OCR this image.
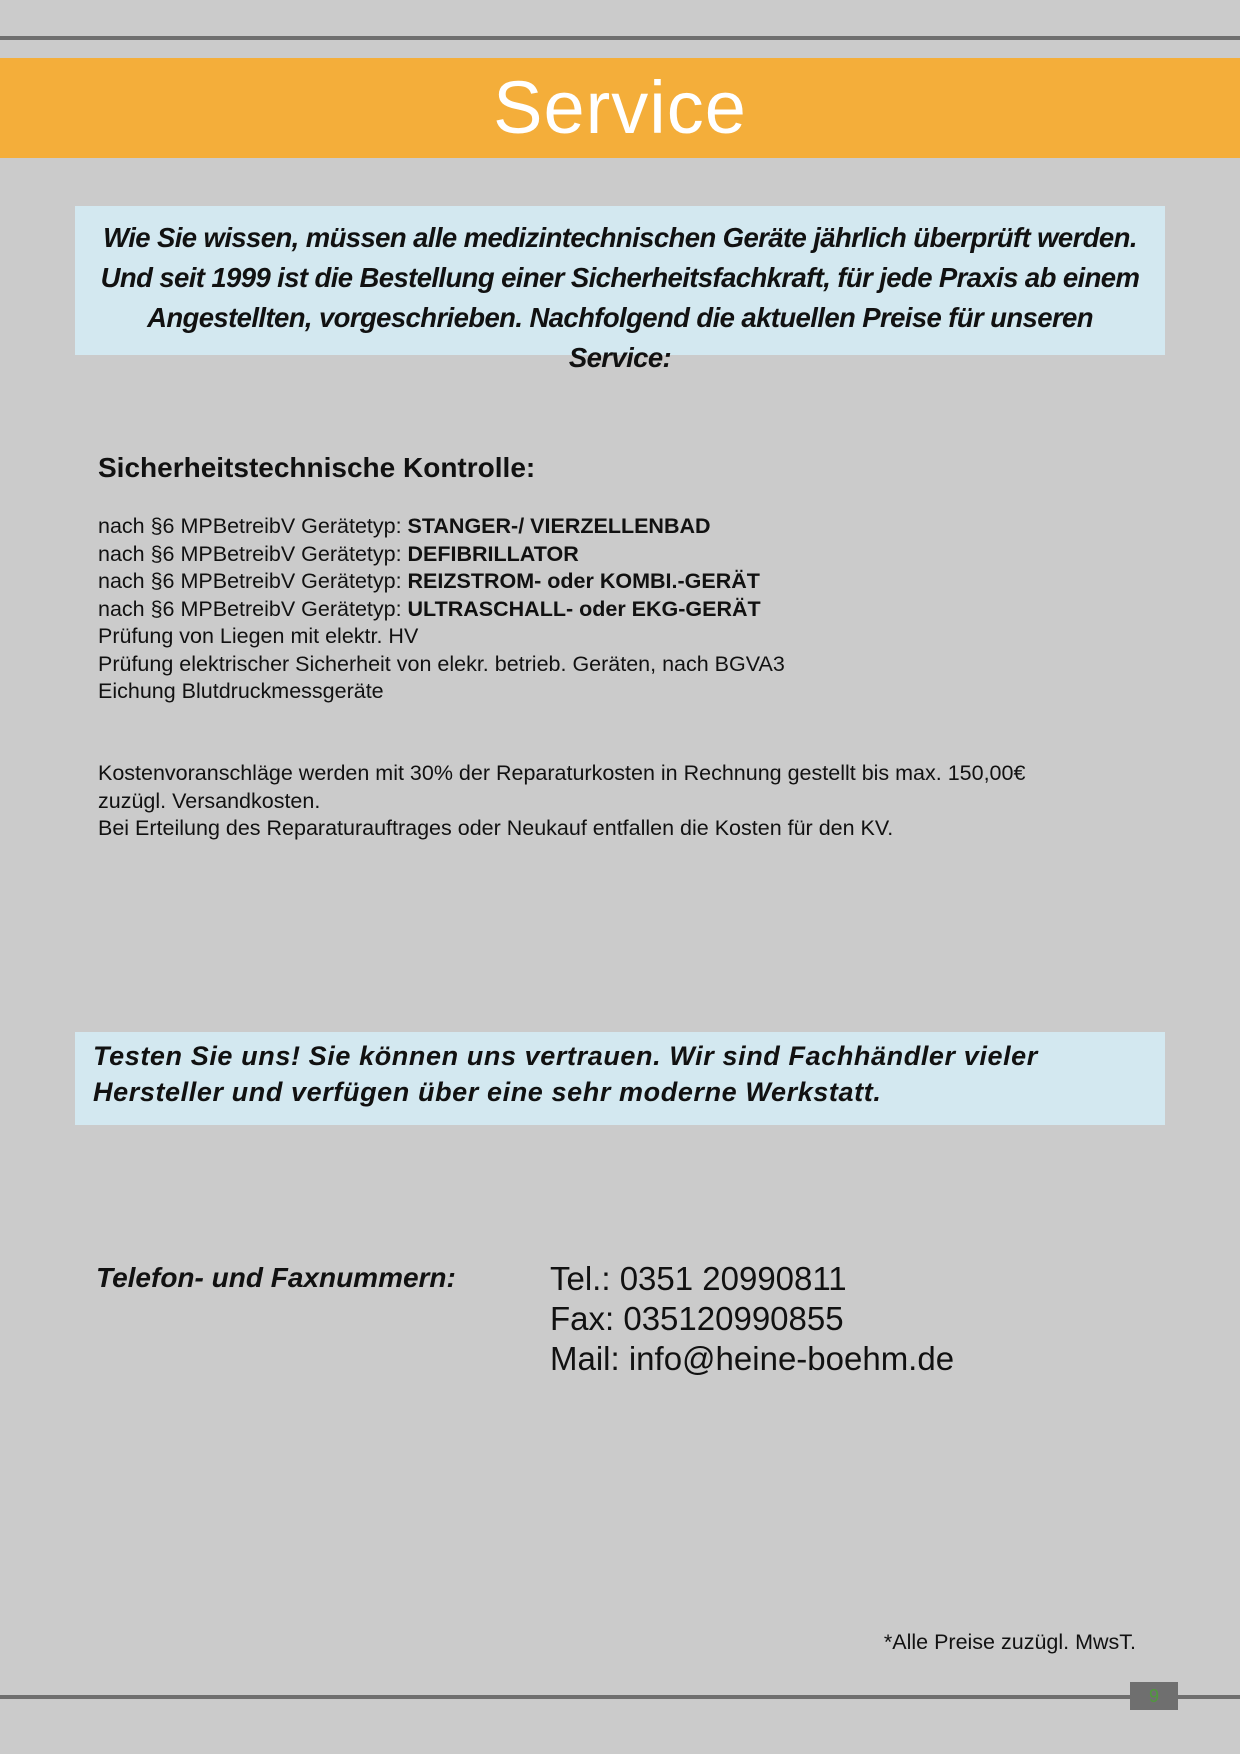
Service

Wie Sie wissen, müssen alle medizintechnischen Geräte jährlich überprüft werden.

Und seit 1999 ist die Bestellung einer Sicherheitsfachkraft, für jede Praxis ab einem

Angestellten, vorgeschrieben. Nachfolgend die aktuellen Preise für unseren Service:

Sicherheitstechnische Kontrolle:
nach §6 MPBetreibV Gerätetyp: STANGER-/ VIERZELLENBAD
nach §6 MPBetreibV Gerätetyp: DEFIBRILLATOR
nach §6 MPBetreibV Gerätetyp: REIZSTROM- oder KOMBI.-GERÄT
nach §6 MPBetreibV Gerätetyp: ULTRASCHALL- oder EKG-GERÄT
Prüfung von Liegen mit elektr. HV
Prüfung elektrischer Sicherheit von elekr. betrieb. Geräten, nach BGVA3
Eichung Blutdruckmessgeräte
Kostenvoranschläge werden mit 30% der Reparaturkosten in Rechnung gestellt bis max. 150,00€
zuzügl. Versandkosten.
Bei Erteilung des Reparaturauftrages oder Neukauf entfallen die Kosten für den KV.

Testen Sie uns! Sie können uns vertrauen. Wir sind Fachhändler vieler

Hersteller und verfügen über eine sehr moderne Werkstatt.

Telefon- und Faxnummern:	Tel.: 0351 20990811
Fax: 035120990855
Mail: info@heine-boehm.de
*Alle Preise zuzügl. MwsT.
9
